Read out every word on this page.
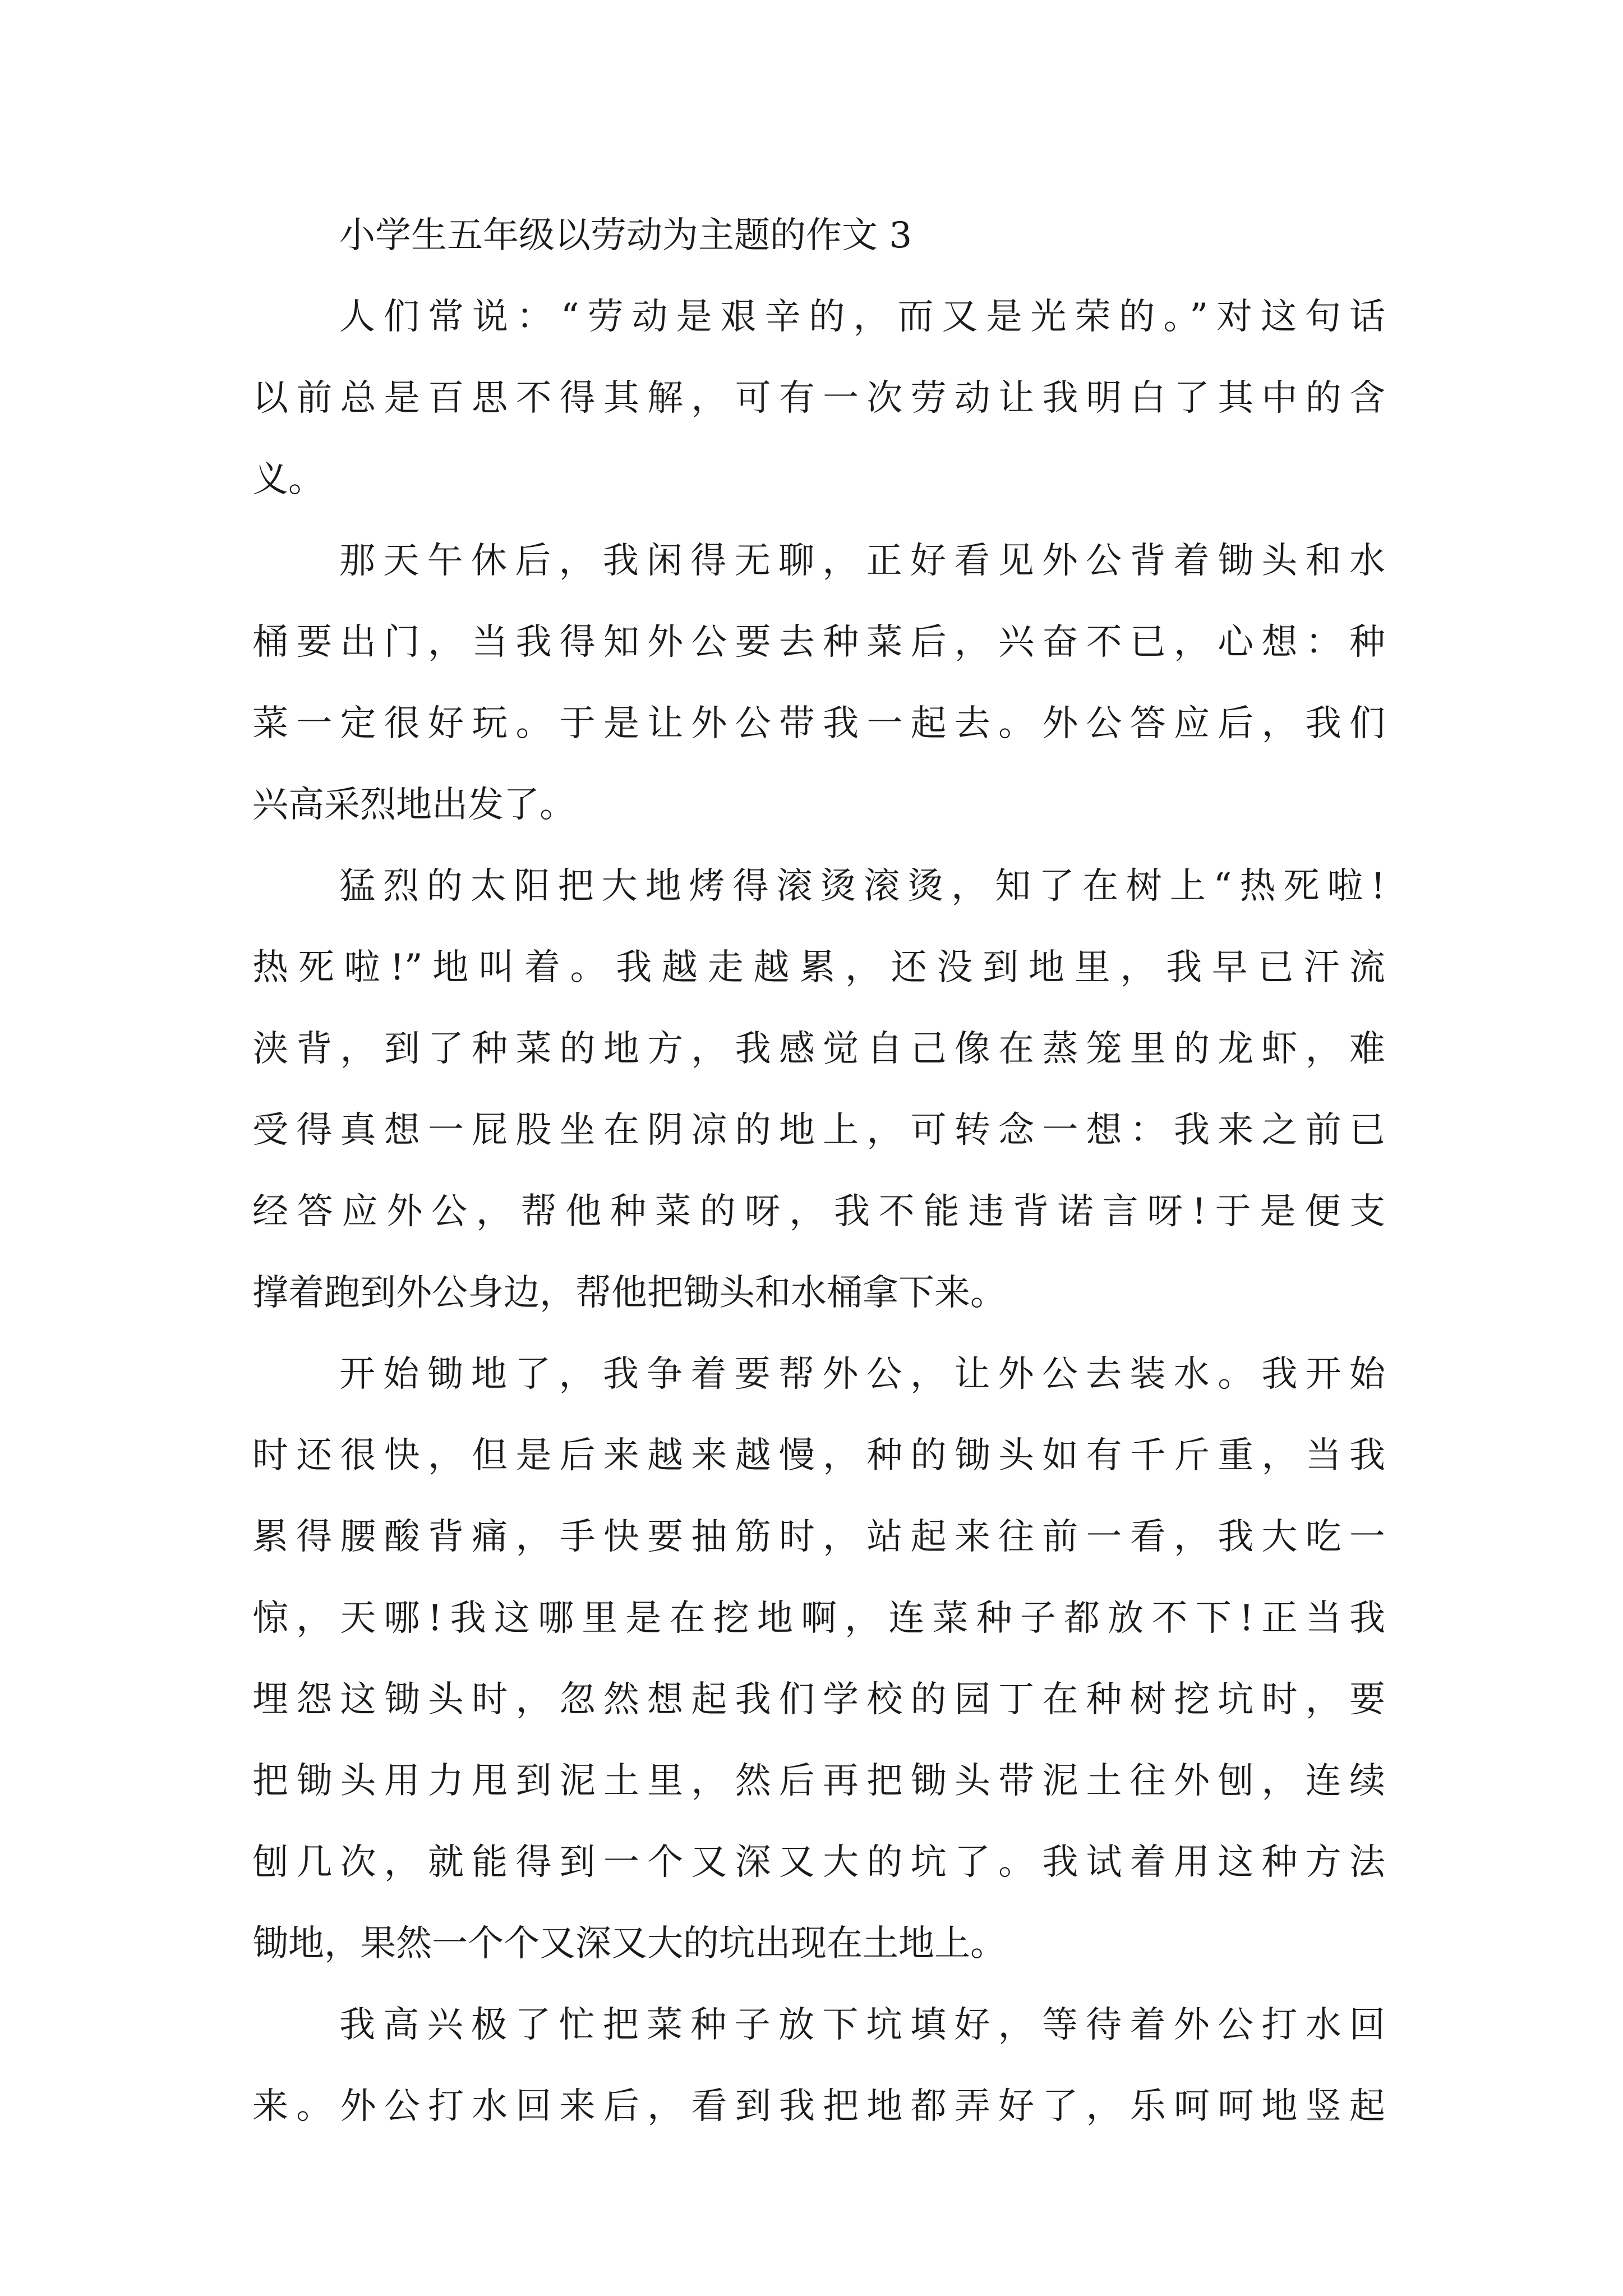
小学生五年级以劳动为主题的作文 3
人们常说：“劳动是艰辛的，而又是光荣的。”对这句话
以前总是百思不得其解，可有一次劳动让我明白了其中的含
义。
那天午休后，我闲得无聊，正好看见外公背着锄头和水
桶要出门，当我得知外公要去种菜后，兴奋不已，心想：种
菜一定很好玩。于是让外公带我一起去。外公答应后，我们
兴高采烈地出发了。
猛烈的太阳把大地烤得滚烫滚烫，知了在树上“热死啦!
热死啦!”地叫着。我越走越累，还没到地里，我早已汗流
浃背，到了种菜的地方，我感觉自己像在蒸笼里的龙虾，难
受得真想一屁股坐在阴凉的地上，可转念一想：我来之前已
经答应外公，帮他种菜的呀，我不能违背诺言呀!于是便支
撑着跑到外公身边，帮他把锄头和水桶拿下来。
开始锄地了，我争着要帮外公，让外公去装水。我开始
时还很快，但是后来越来越慢，种的锄头如有千斤重，当我
累得腰酸背痛，手快要抽筋时，站起来往前一看，我大吃一
惊，天哪!我这哪里是在挖地啊，连菜种子都放不下!正当我
埋怨这锄头时，忽然想起我们学校的园丁在种树挖坑时，要
把锄头用力甩到泥土里，然后再把锄头带泥土往外刨，连续
刨几次，就能得到一个又深又大的坑了。我试着用这种方法
锄地，果然一个个又深又大的坑出现在土地上。
我高兴极了忙把菜种子放下坑填好，等待着外公打水回
来。外公打水回来后，看到我把地都弄好了，乐呵呵地竖起
